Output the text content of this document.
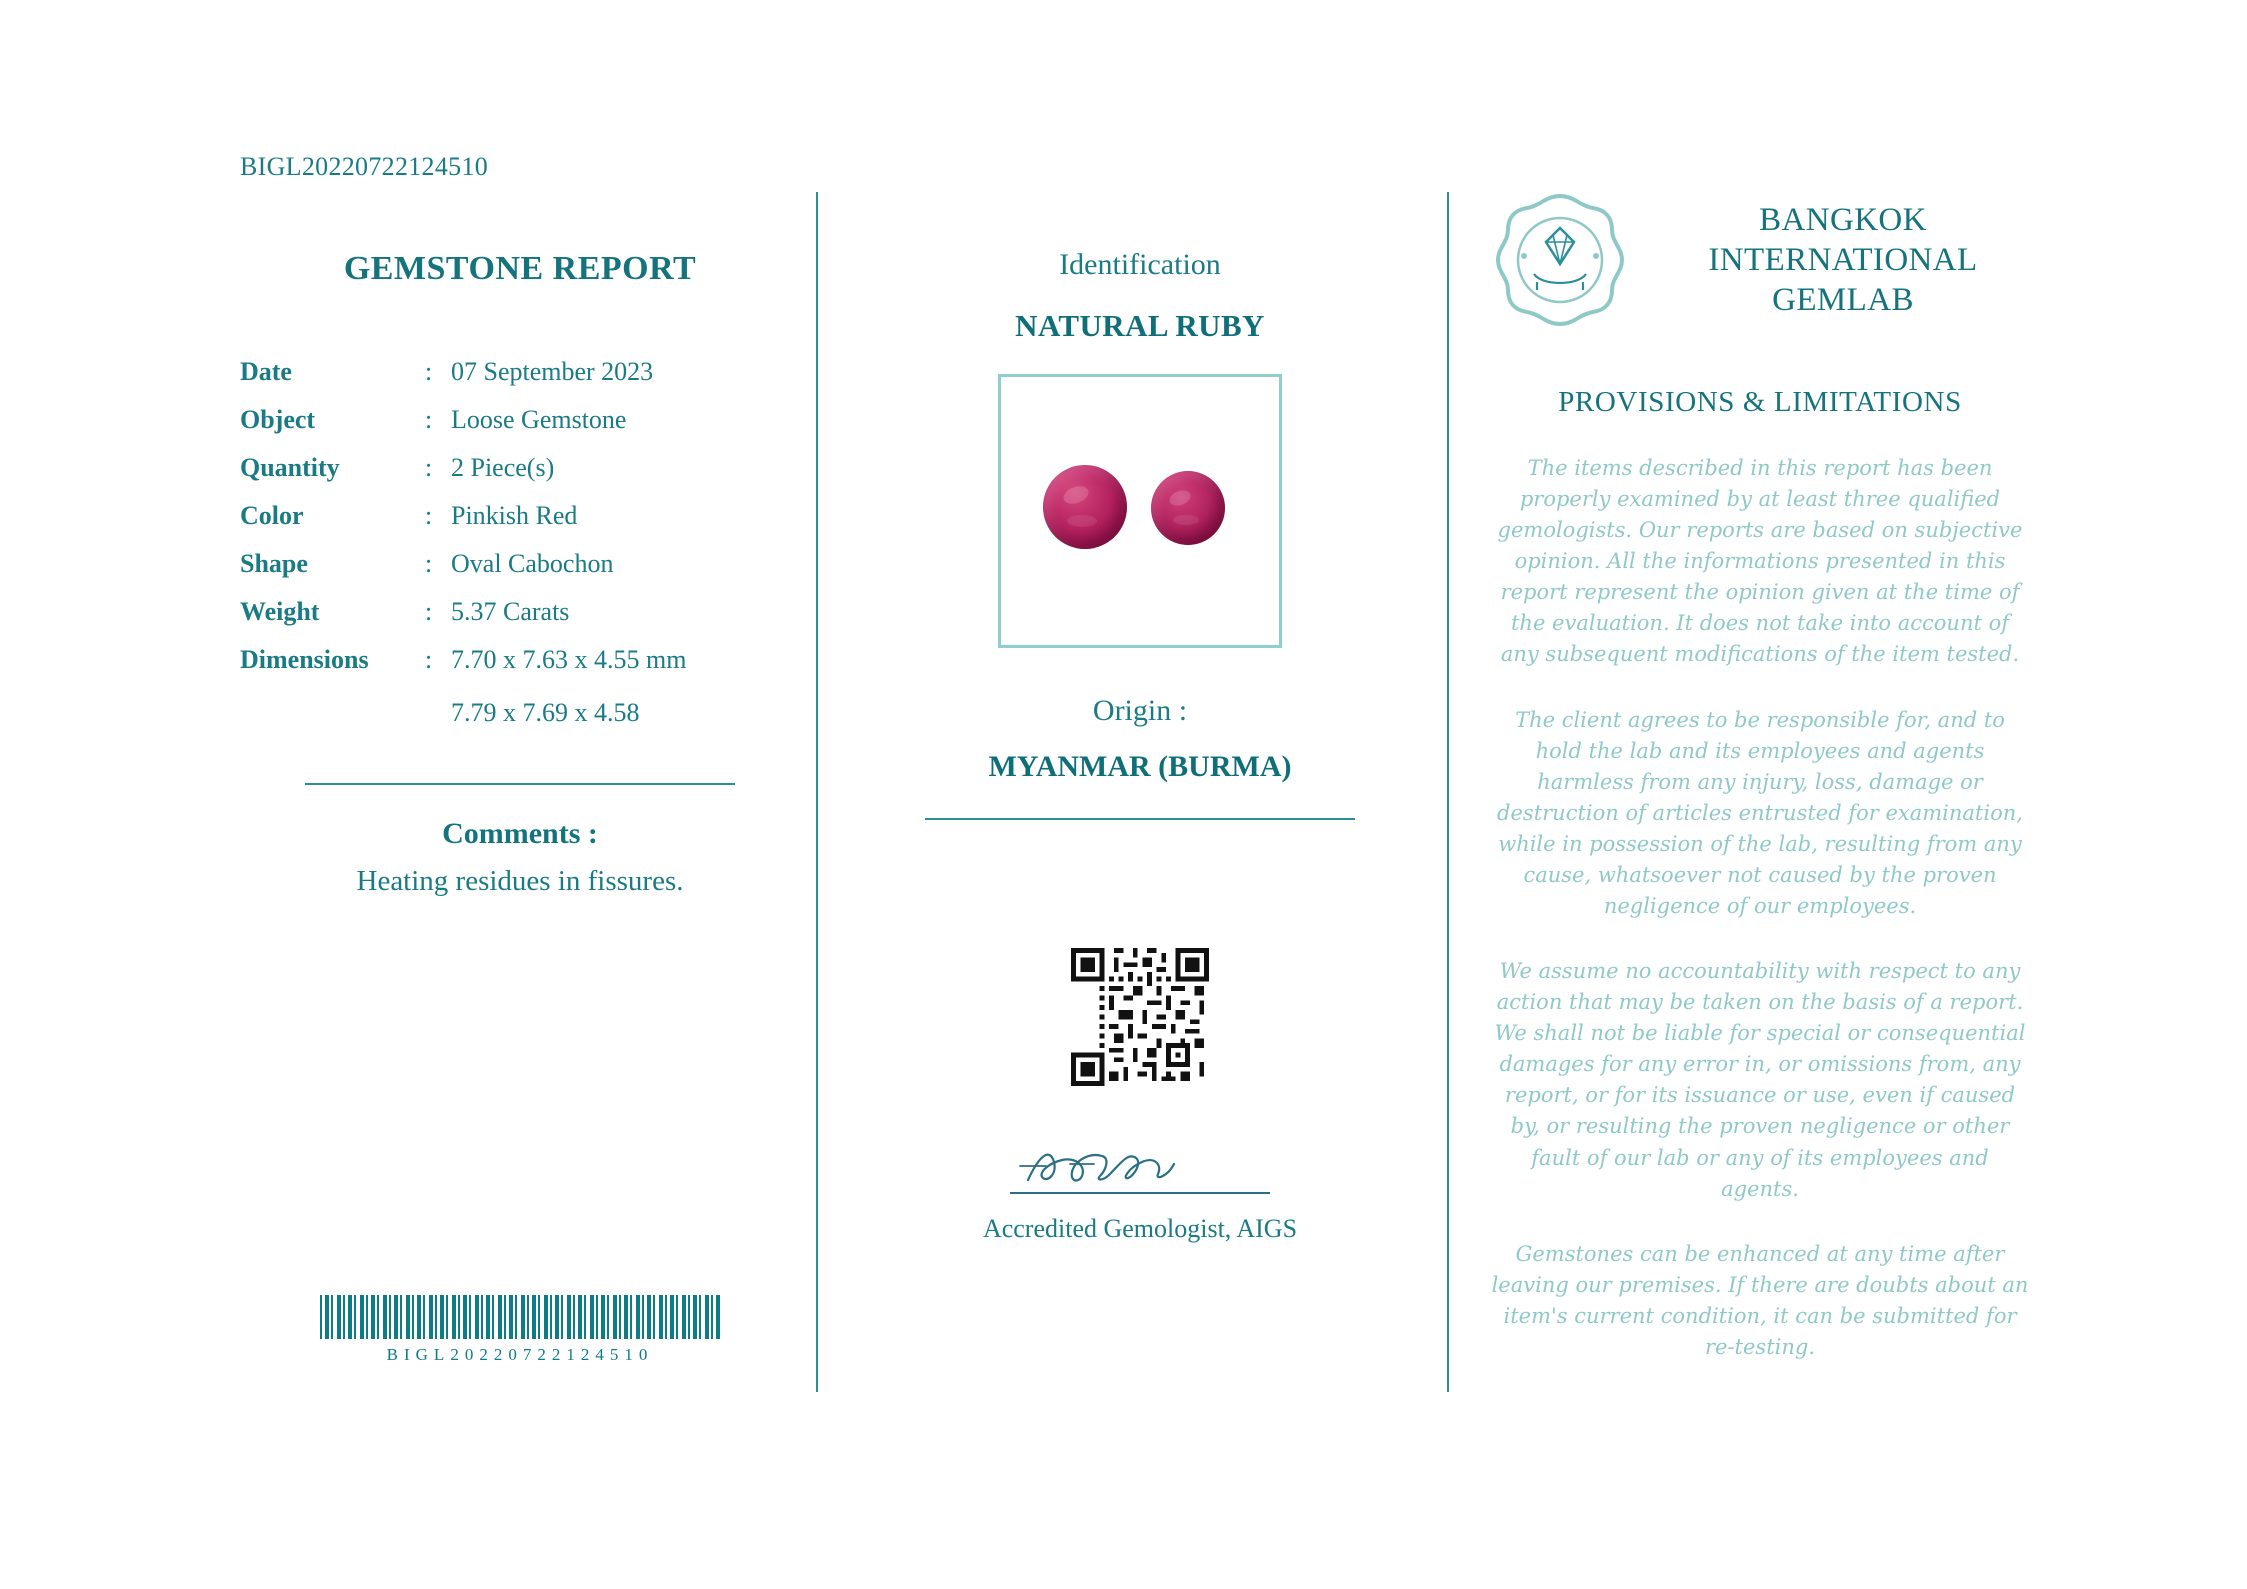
BIGL20220722124510
GEMSTONE REPORT
Date	:	07 September 2023
Object	:	Loose Gemstone
Quantity	:	2 Piece(s)
Color	:	Pinkish Red
Shape	:	Oval Cabochon
Weight	:	5.37 Carats
Dimensions	:	7.70 x 7.63 x 4.55 mm
		7.79 x 7.69 x 4.58
Comments :
Heating residues in fissures.
BIGL20220722124510
Identification
NATURAL RUBY
Origin :
MYANMAR (BURMA)
Accredited Gemologist, AIGS
BANGKOK
INTERNATIONAL
GEMLAB
PROVISIONS & LIMITATIONS
The items described in this report has been properly examined by at least three qualified gemologists. Our reports are based on subjective opinion. All the informations presented in this report represent the opinion given at the time of the evaluation. It does not take into account of any subsequent modifications of the item tested.
The client agrees to be responsible for, and to hold the lab and its employees and agents harmless from any injury, loss, damage or destruction of articles entrusted for examination, while in possession of the lab, resulting from any cause, whatsoever not caused by the proven negligence of our employees.
We assume no accountability with respect to any action that may be taken on the basis of a report. We shall not be liable for special or consequential damages for any error in, or omissions from, any report, or for its issuance or use, even if caused by, or resulting the proven negligence or other fault of our lab or any of its employees and agents.
Gemstones can be enhanced at any time after leaving our premises. If there are doubts about an item's current condition, it can be submitted for re-testing.
